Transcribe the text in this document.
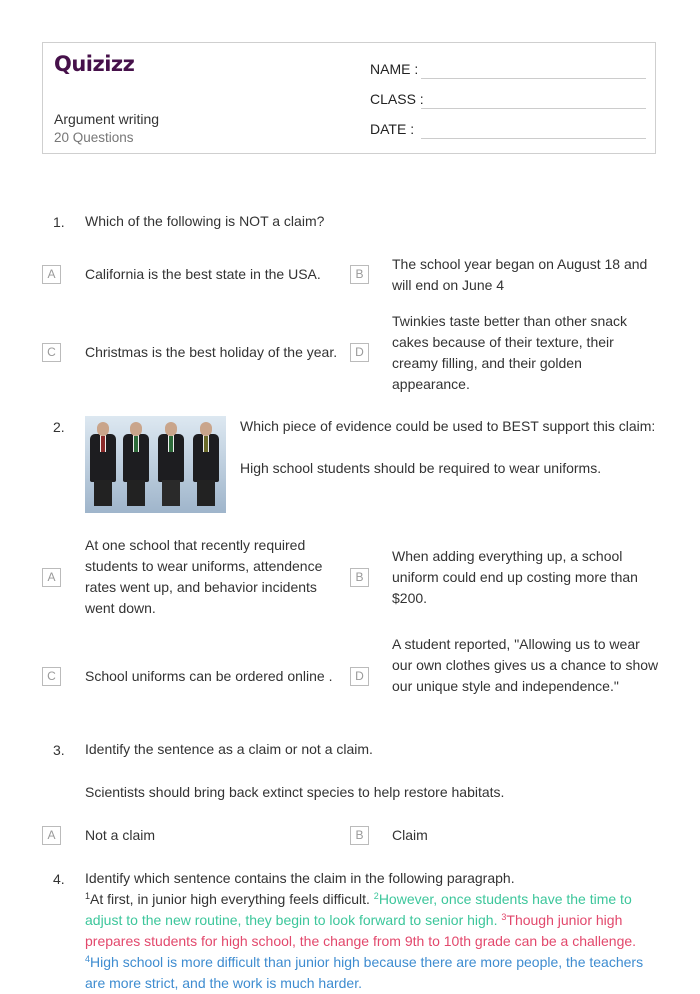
Quizizz
Argument writing
20 Questions
NAME :
CLASS :
DATE :
1. Which of the following is NOT a claim?
A	California is the best state in the USA.	B
The school year began on August 18 and will end on June 4
C	Christmas is the best holiday of the year.	D
Twinkies taste better than other snack cakes because of their texture, their creamy filling, and their golden appearance.
2.	Which piece of evidence could be used to BEST support this claim:
High school students should be required to wear uniforms.
A
At one school that recently required students to wear uniforms, attendence rates went up, and behavior incidents went down.
B
When adding everything up, a school uniform could end up costing more than $200.
C	School uniforms can be ordered online .	D
A student reported, "Allowing us to wear our own clothes gives us a chance to show our unique style and independence."
3. Identify the sentence as a claim or not a claim.
Scientists should bring back extinct species to help restore habitats.
A	Not a claim	B	Claim
4. Identify which sentence contains the claim in the following paragraph.
$^1$At first, in junior high everything feels difficult. $^2$However, once students have the time to adjust to the new routine, they begin to look forward to senior high. $^3$Though junior high prepares students for high school, the change from 9th to 10th grade can be a challenge. $^4$High school is more difficult than junior high because there are more people, the teachers are more strict, and the work is much harder.
